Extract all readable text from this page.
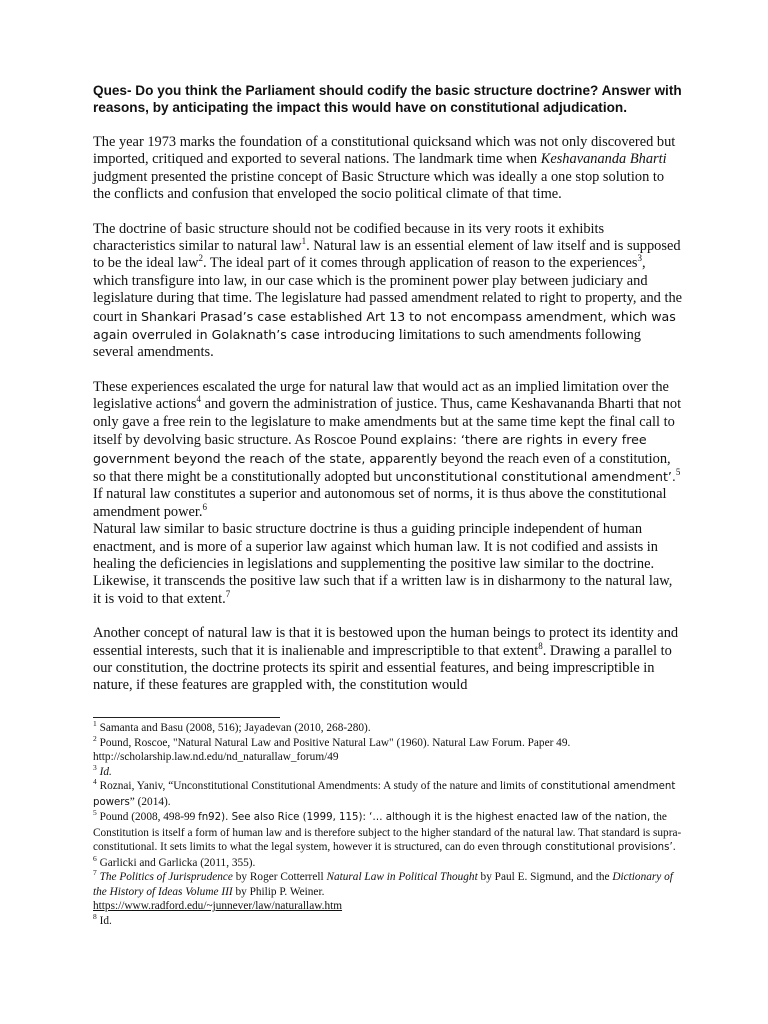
Ques- Do you think the Parliament should codify the basic structure doctrine? Answer with reasons, by anticipating the impact this would have on constitutional adjudication.

The year 1973 marks the foundation of a constitutional quicksand which was not only discovered but imported, critiqued and exported to several nations. The landmark time when Keshavananda Bharti judgment presented the pristine concept of Basic Structure which was ideally a one stop solution to the conflicts and confusion that enveloped the socio political climate of that time.

The doctrine of basic structure should not be codified because in its very roots it exhibits characteristics similar to natural law$^1$. Natural law is an essential element of law itself and is supposed to be the ideal law$^2$. The ideal part of it comes through application of reason to the experiences$^3$, which transfigure into law, in our case which is the prominent power play between judiciary and legislature during that time. The legislature had passed amendment related to right to property, and the court in Shankari Prasad’s case established Art 13 to not encompass amendment, which was again overruled in Golaknath’s case introducing limitations to such amendments following several amendments.

These experiences escalated the urge for natural law that would act as an implied limitation over the legislative actions$^4$ and govern the administration of justice. Thus, came Keshavananda Bharti that not only gave a free rein to the legislature to make amendments but at the same time kept the final call to itself by devolving basic structure. As Roscoe Pound explains: ‘there are rights in every free government beyond the reach of the state, apparently beyond the reach even of a constitution, so that there might be a constitutionally adopted but unconstitutional constitutional amendment’.$^5$ If natural law constitutes a superior and autonomous set of norms, it is thus above the constitutional amendment power.$^6$

Natural law similar to basic structure doctrine is thus a guiding principle independent of human enactment, and is more of a superior law against which human law. It is not codified and assists in healing the deficiencies in legislations and supplementing the positive law similar to the doctrine. Likewise, it transcends the positive law such that if a written law is in disharmony to the natural law, it is void to that extent.$^7$

Another concept of natural law is that it is bestowed upon the human beings to protect its identity and essential interests, such that it is inalienable and imprescriptible to that extent$^8$. Drawing a parallel to our constitution, the doctrine protects its spirit and essential features, and being imprescriptible in nature, if these features are grappled with, the constitution would

$^1$ Samanta and Basu (2008, 516); Jayadevan (2010, 268-280).

$^2$ Pound, Roscoe, "Natural Natural Law and Positive Natural Law" (1960). Natural Law Forum. Paper 49. http://scholarship.law.nd.edu/nd_naturallaw_forum/49

$^3$ Id.

$^4$ Roznai, Yaniv, “Unconstitutional Constitutional Amendments: A study of the nature and limits of constitutional amendment powers” (2014).

$^5$ Pound (2008, 498-99 fn92). See also Rice (1999, 115): ‘… although it is the highest enacted law of the nation, the Constitution is itself a form of human law and is therefore subject to the higher standard of the natural law. That standard is supra-constitutional. It sets limits to what the legal system, however it is structured, can do even through constitutional provisions’.

$^6$ Garlicki and Garlicka (2011, 355).

$^7$ The Politics of Jurisprudence by Roger Cotterrell Natural Law in Political Thought by Paul E. Sigmund, and the Dictionary of the History of Ideas Volume III by Philip P. Weiner.
https://www.radford.edu/~junnever/law/naturallaw.htm

$^8$ Id.
